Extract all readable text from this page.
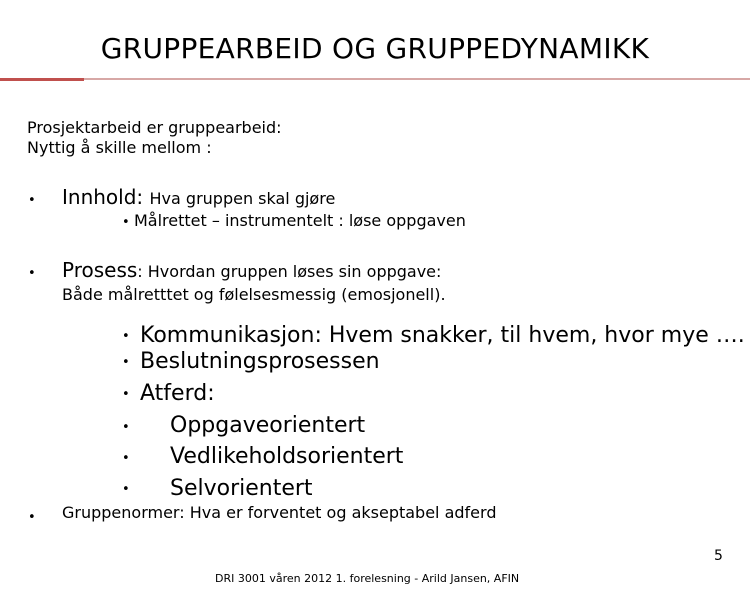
GRUPPEARBEID OG GRUPPEDYNAMIKK
Prosjektarbeid er gruppearbeid:
Nyttig å skille mellom :
• Innhold: Hva gruppen skal gjøre
• Målrettet – instrumentelt : løse oppgaven
• Prosess: Hvordan gruppen løses sin oppgave:
Både målretttet og følelsesmessig (emosjonell).
• Kommunikasjon: Hvem snakker, til hvem, hvor mye ….
• Beslutningsprosessen
• Atferd:
• Oppgaveorientert
• Vedlikeholdsorientert
• Selvorientert
• Gruppenormer: Hva er forventet og akseptabel adferd
5
DRI 3001 våren 2012 1. forelesning - Arild Jansen, AFIN
